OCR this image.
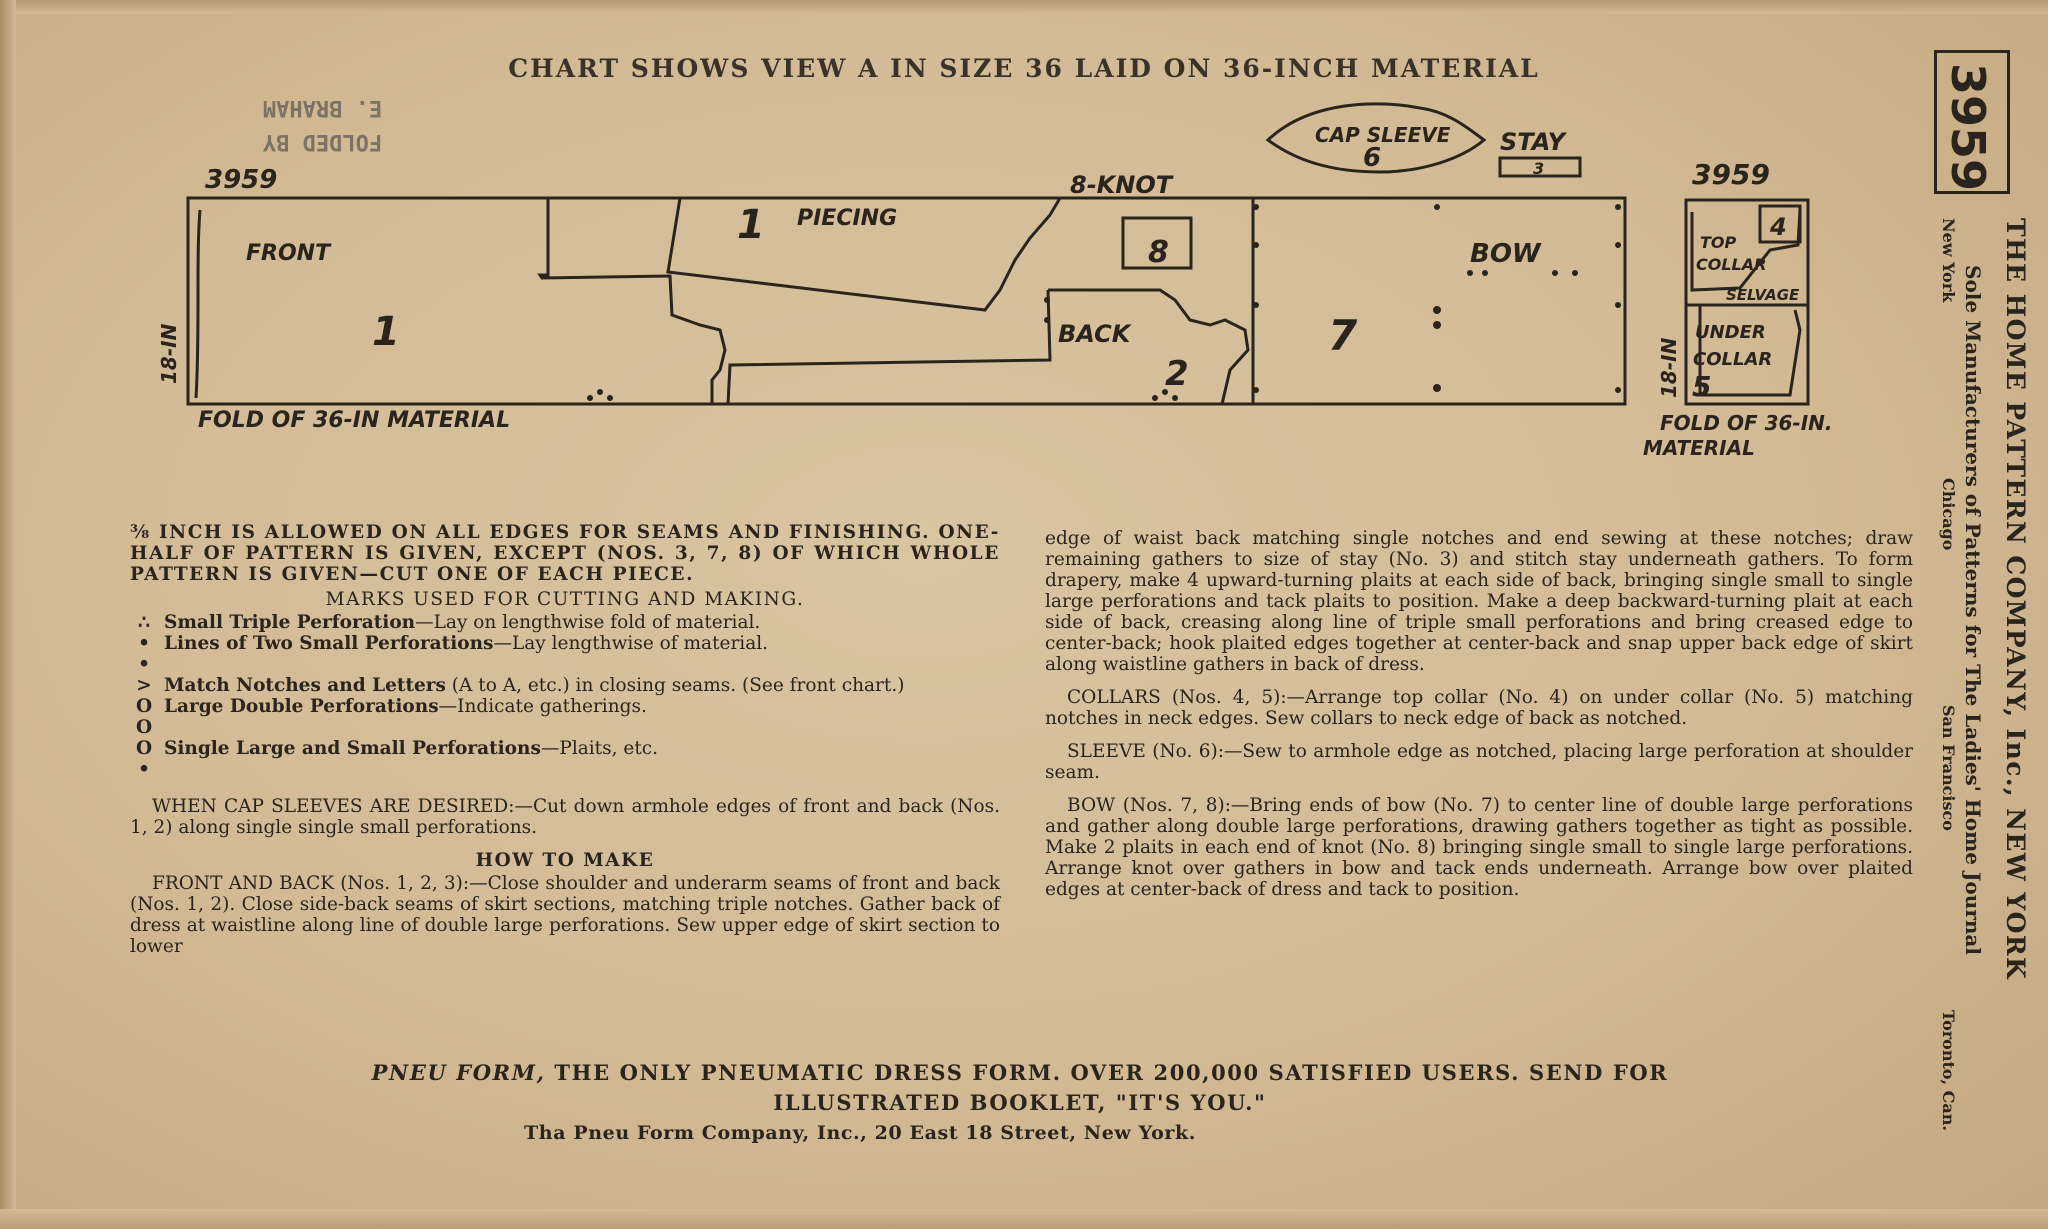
CHART SHOWS VIEW A IN SIZE 36 LAID ON 36-INCH MATERIAL
FOLDED BY
E. BRAHAM
3959	8-KNOT
FRONT
1
1 PIECING
8
BACK
2
7
BOW
CAP SLEEVE
6
STAY
3	3959
TOP
COLLAR
4
SELVAGE
UNDER
COLLAR
5
FOLD OF 36-IN MATERIAL	FOLD OF 36-IN.
MATERIAL
18-IN	18-IN
⅜ INCH IS ALLOWED ON ALL EDGES FOR SEAMS AND FINISHING. ONE-HALF OF PATTERN IS GIVEN, EXCEPT (NOS. 3, 7, 8) OF WHICH WHOLE PATTERN IS GIVEN—CUT ONE OF EACH PIECE.
MARKS USED FOR CUTTING AND MAKING.
∴ Small Triple Perforation—Lay on lengthwise fold of material.
• •
Lines of Two Small Perforations—Lay lengthwise of material.
> Match Notches and Letters (A to A, etc.) in closing seams. (See front chart.)
O O
Large Double Perforations—Indicate gatherings.
O •
Single Large and Small Perforations—Plaits, etc.
WHEN CAP SLEEVES ARE DESIRED:—Cut down armhole edges of front and back (Nos. 1, 2) along single single small perforations.
HOW TO MAKE
FRONT AND BACK (Nos. 1, 2, 3):—Close shoulder and underarm seams of front and back (Nos. 1, 2). Close side-back seams of skirt sections, matching triple notches. Gather back of dress at waistline along line of double large perforations. Sew upper edge of skirt section to lower
edge of waist back matching single notches and end sewing at these notches; draw remaining gathers to size of stay (No. 3) and stitch stay underneath gathers. To form drapery, make 4 upward-turning plaits at each side of back, bringing single small to single large perforations and tack plaits to position. Make a deep backward-turning plait at each side of back, creasing along line of triple small perforations and bring creased edge to center-back; hook plaited edges together at center-back and snap upper back edge of skirt along waistline gathers in back of dress.
COLLARS (Nos. 4, 5):—Arrange top collar (No. 4) on under collar (No. 5) matching notches in neck edges. Sew collars to neck edge of back as notched.
SLEEVE (No. 6):—Sew to armhole edge as notched, placing large perforation at shoulder seam.
BOW (Nos. 7, 8):—Bring ends of bow (No. 7) to center line of double large perforations and gather along double large perforations, drawing gathers together as tight as possible. Make 2 plaits in each end of knot (No. 8) bringing single small to single large perforations. Arrange knot over gathers in bow and tack ends underneath. Arrange bow over plaited edges at center-back of dress and tack to position.
PNEU FORM, THE ONLY PNEUMATIC DRESS FORM. OVER 200,000 SATISFIED USERS. SEND FOR
ILLUSTRATED BOOKLET, "IT'S YOU."
Tha Pneu Form Company, Inc., 20 East 18 Street, New York.
3959
THE HOME PATTERN COMPANY, Inc., NEW YORK
Sole Manufacturers of Patterns for The Ladies' Home Journal
New York
Chicago
San Francisco
Toronto, Can.
